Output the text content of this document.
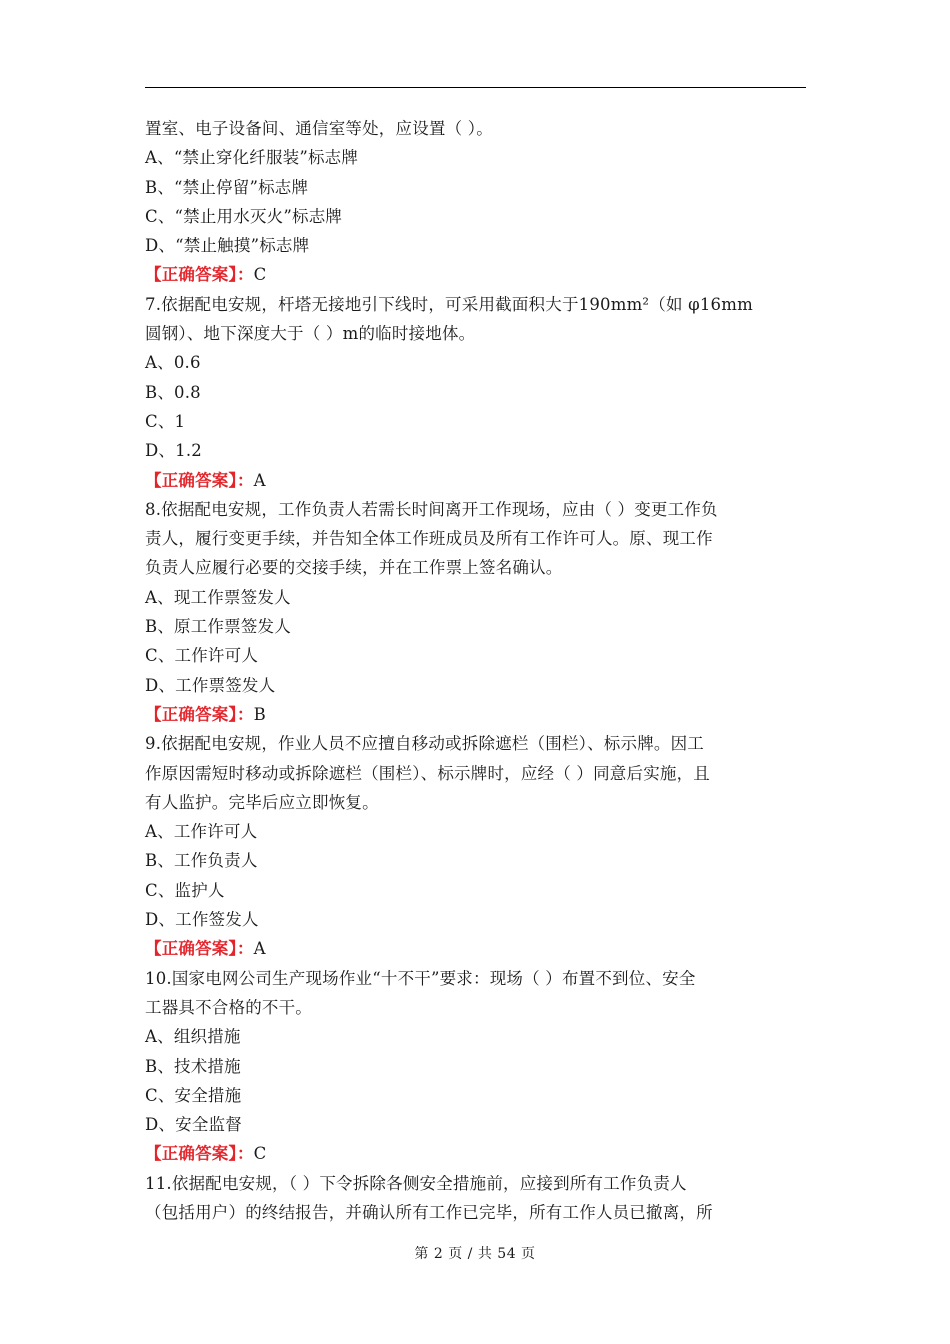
置室、电子设备间、通信室等处，应设置（ ）。
A、“禁止穿化纤服装”标志牌
B、“禁止停留”标志牌
C、“禁止用水灭火”标志牌
D、“禁止触摸”标志牌
【正确答案】：C
7.依据配电安规，杆塔无接地引下线时，可采用截面积大于190mm²（如 φ16mm
圆钢）、地下深度大于（ ）m的临时接地体。
A、0.6
B、0.8
C、1
D、1.2
【正确答案】：A
8.依据配电安规，工作负责人若需长时间离开工作现场，应由（ ）变更工作负
责人，履行变更手续，并告知全体工作班成员及所有工作许可人。原、现工作
负责人应履行必要的交接手续，并在工作票上签名确认。
A、现工作票签发人
B、原工作票签发人
C、工作许可人
D、工作票签发人
【正确答案】：B
9.依据配电安规，作业人员不应擅自移动或拆除遮栏（围栏）、标示牌。因工
作原因需短时移动或拆除遮栏（围栏）、标示牌时，应经（ ）同意后实施，且
有人监护。完毕后应立即恢复。
A、工作许可人
B、工作负责人
C、监护人
D、工作签发人
【正确答案】：A
10.国家电网公司生产现场作业“十不干”要求：现场（ ）布置不到位、安全
工器具不合格的不干。
A、组织措施
B、技术措施
C、安全措施
D、安全监督
【正确答案】：C
11.依据配电安规，（ ）下令拆除各侧安全措施前，应接到所有工作负责人
（包括用户）的终结报告，并确认所有工作已完毕，所有工作人员已撤离，所
第 2 页 / 共 54 页
